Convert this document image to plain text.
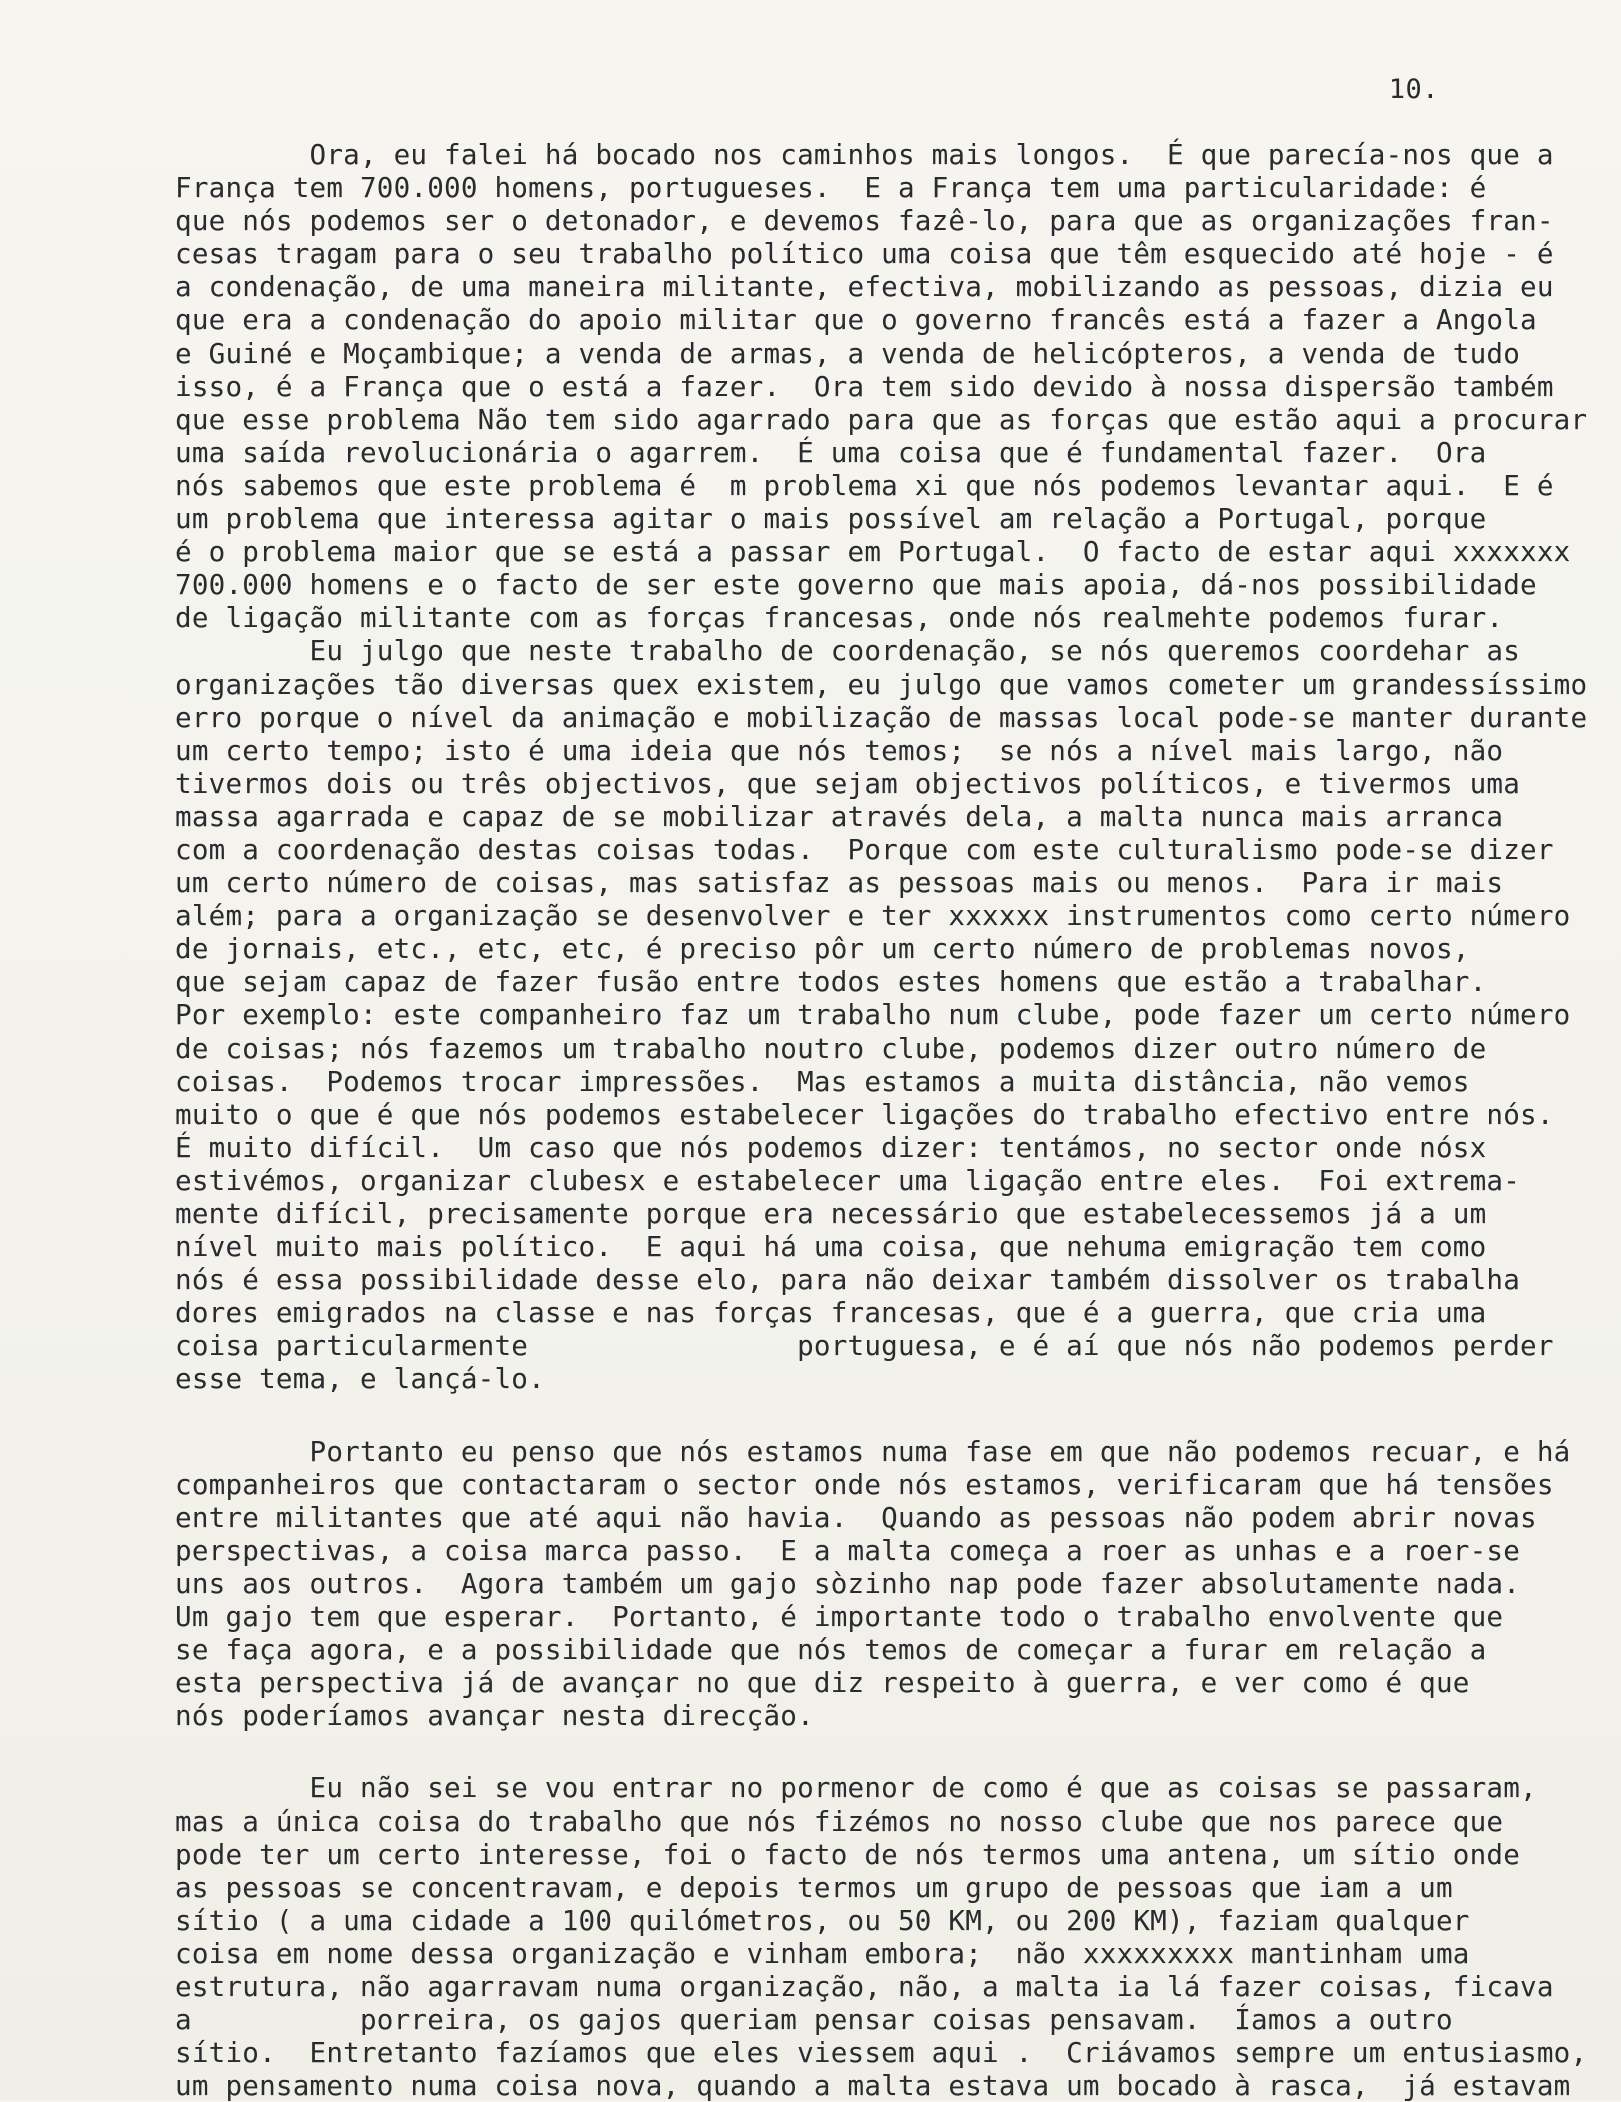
10.
Ora, eu falei há bocado nos caminhos mais longos.  É que parecía-nos que a
França tem 700.000 homens, portugueses.  E a França tem uma particularidade: é
que nós podemos ser o detonador, e devemos fazê-lo, para que as organizações fran-
cesas tragam para o seu trabalho político uma coisa que têm esquecido até hoje - é
a condenação, de uma maneira militante, efectiva, mobilizando as pessoas, dizia eu
que era a condenação do apoio militar que o governo francês está a fazer a Angola
e Guiné e Moçambique; a venda de armas, a venda de helicópteros, a venda de tudo
isso, é a França que o está a fazer.  Ora tem sido devido à nossa dispersão também
que esse problema Não tem sido agarrado para que as forças que estão aqui a procurar
uma saída revolucionária o agarrem.  É uma coisa que é fundamental fazer.  Ora
nós sabemos que este problema é  m problema xi que nós podemos levantar aqui.  E é
um problema que interessa agitar o mais possível am relação a Portugal, porque
é o problema maior que se está a passar em Portugal.  O facto de estar aqui xxxxxxx
700.000 homens e o facto de ser este governo que mais apoia, dá-nos possibilidade
de ligação militante com as forças francesas, onde nós realmehte podemos furar.
Eu julgo que neste trabalho de coordenação, se nós queremos coordehar as
organizações tão diversas quex existem, eu julgo que vamos cometer um grandessíssimo
erro porque o nível da animação e mobilização de massas local pode-se manter durante
um certo tempo; isto é uma ideia que nós temos;  se nós a nível mais largo, não
tivermos dois ou três objectivos, que sejam objectivos políticos, e tivermos uma
massa agarrada e capaz de se mobilizar através dela, a malta nunca mais arranca
com a coordenação destas coisas todas.  Porque com este culturalismo pode-se dizer
um certo número de coisas, mas satisfaz as pessoas mais ou menos.  Para ir mais
além; para a organização se desenvolver e ter xxxxxx instrumentos como certo número
de jornais, etc., etc, etc, é preciso pôr um certo número de problemas novos,
que sejam capaz de fazer fusão entre todos estes homens que estão a trabalhar.
Por exemplo: este companheiro faz um trabalho num clube, pode fazer um certo número
de coisas; nós fazemos um trabalho noutro clube, podemos dizer outro número de
coisas.  Podemos trocar impressões.  Mas estamos a muita distância, não vemos
muito o que é que nós podemos estabelecer ligações do trabalho efectivo entre nós.
É muito difícil.  Um caso que nós podemos dizer: tentámos, no sector onde nósx
estivémos, organizar clubesx e estabelecer uma ligação entre eles.  Foi extrema-
mente difícil, precisamente porque era necessário que estabelecessemos já a um
nível muito mais político.  E aqui há uma coisa, que nehuma emigração tem como
nós é essa possibilidade desse elo, para não deixar também dissolver os trabalha
dores emigrados na classe e nas forças francesas, que é a guerra, que cria uma
coisa particularmente                portuguesa, e é aí que nós não podemos perder
esse tema, e lançá-lo.
Portanto eu penso que nós estamos numa fase em que não podemos recuar, e há
companheiros que contactaram o sector onde nós estamos, verificaram que há tensões
entre militantes que até aqui não havia.  Quando as pessoas não podem abrir novas
perspectivas, a coisa marca passo.  E a malta começa a roer as unhas e a roer-se
uns aos outros.  Agora também um gajo sòzinho nap pode fazer absolutamente nada.
Um gajo tem que esperar.  Portanto, é importante todo o trabalho envolvente que
se faça agora, e a possibilidade que nós temos de começar a furar em relação a
esta perspectiva já de avançar no que diz respeito à guerra, e ver como é que
nós poderíamos avançar nesta direcção.
Eu não sei se vou entrar no pormenor de como é que as coisas se passaram,
mas a única coisa do trabalho que nós fizémos no nosso clube que nos parece que
pode ter um certo interesse, foi o facto de nós termos uma antena, um sítio onde
as pessoas se concentravam, e depois termos um grupo de pessoas que iam a um
sítio ( a uma cidade a 100 quilómetros, ou 50 KM, ou 200 KM), faziam qualquer
coisa em nome dessa organização e vinham embora;  não xxxxxxxxx mantinham uma
estrutura, não agarravam numa organização, não, a malta ia lá fazer coisas, ficava
a          porreira, os gajos queriam pensar coisas pensavam.  Íamos a outro
sítio.  Entretanto fazíamos que eles viessem aqui .  Criávamos sempre um entusiasmo,
um pensamento numa coisa nova, quando a malta estava um bocado à rasca,  já estavam
